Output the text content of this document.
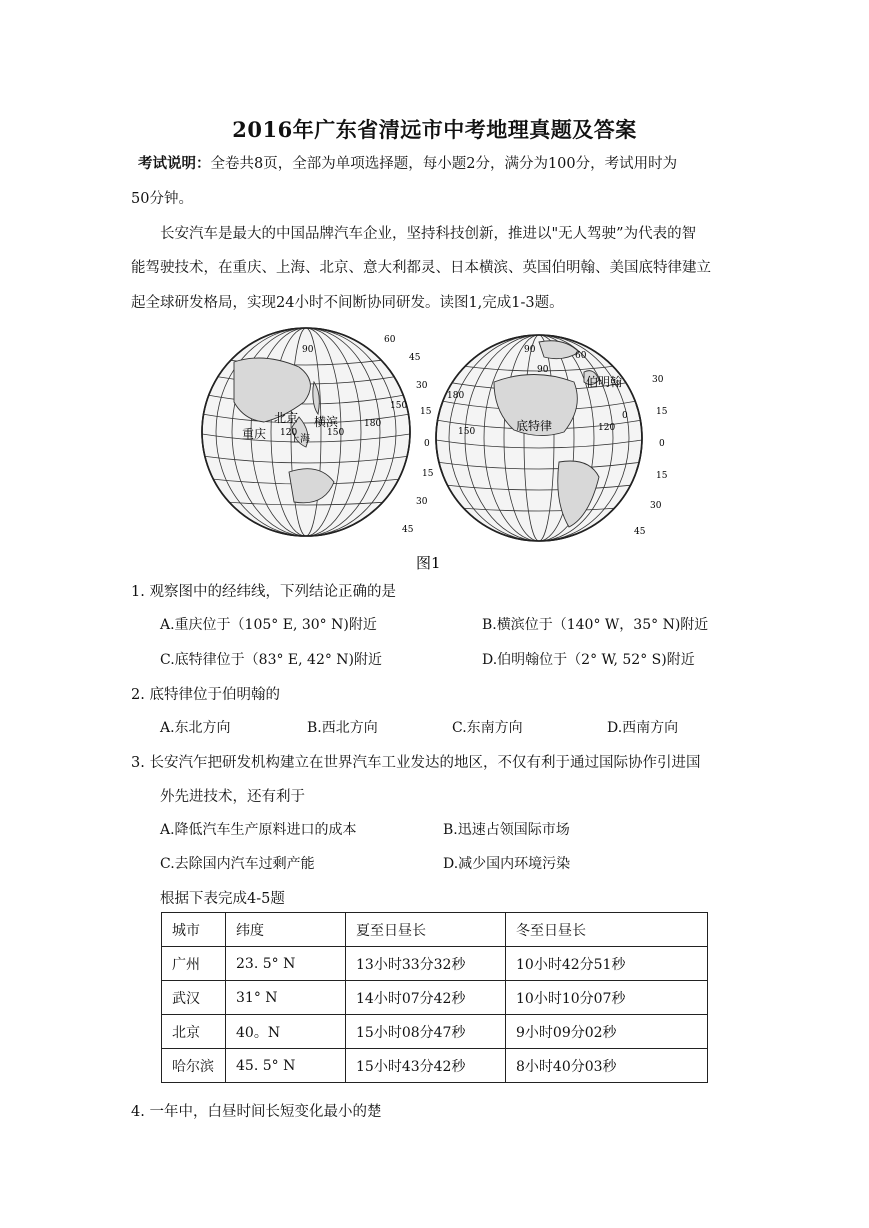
2016年广东省清远市中考地理真题及答案
考试说明：全卷共8页，全部为单项选择题，每小题2分，满分为100分，考试用时为
50分钟。
长安汽车是最大的中国品牌汽车企业，坚持科技创新，推进以"无人驾驶”为代表的智
能驾驶技术，在重庆、上海、北京、意大利都灵、日本横滨、英国伯明翰、美国底特律建立
起全球研发格局，实现24小时不间断协同研发。读图1,完成1-3题。
北京
重庆 上海
横滨
120	150
180
150
90
60
45
30
15
0
15
30
45
伯明翰
底特律
90
60
90
180
150	120
0
30
15
0
15
30
45
图1
1. 观察图中的经纬线，下列结论正确的是
A.重庆位于（105° E, 30° N)附近	B.横滨位于（140° W，35° N)附近
C.底特律位于（83° E, 42° N)附近	D.伯明翰位于（2° W, 52° S)附近
2. 底特律位于伯明翰的
A.东北方向	B.西北方向	C.东南方向	D.西南方向
3. 长安汽乍把研发机构建立在世界汽车工业发达的地区，不仅有利于通过国际协作引进国
外先进技术，还有利于
A.降低汽车生产原料进口的成本	B.迅速占领国际市场
C.去除国内汽车过剩产能	D.减少国内环境污染
根据下表完成4-5题
城市	纬度	夏至日昼长	冬至日昼长
广州	23. 5° N	13小时33分32秒	10小时42分51秒
武汉	31° N	14小时07分42秒	10小时10分07秒
北京	40。N	15小时08分47秒	9小时09分02秒
哈尔滨	45. 5° N	15小时43分42秒	8小时40分03秒
4. 一年中，白昼时间长短变化最小的楚
